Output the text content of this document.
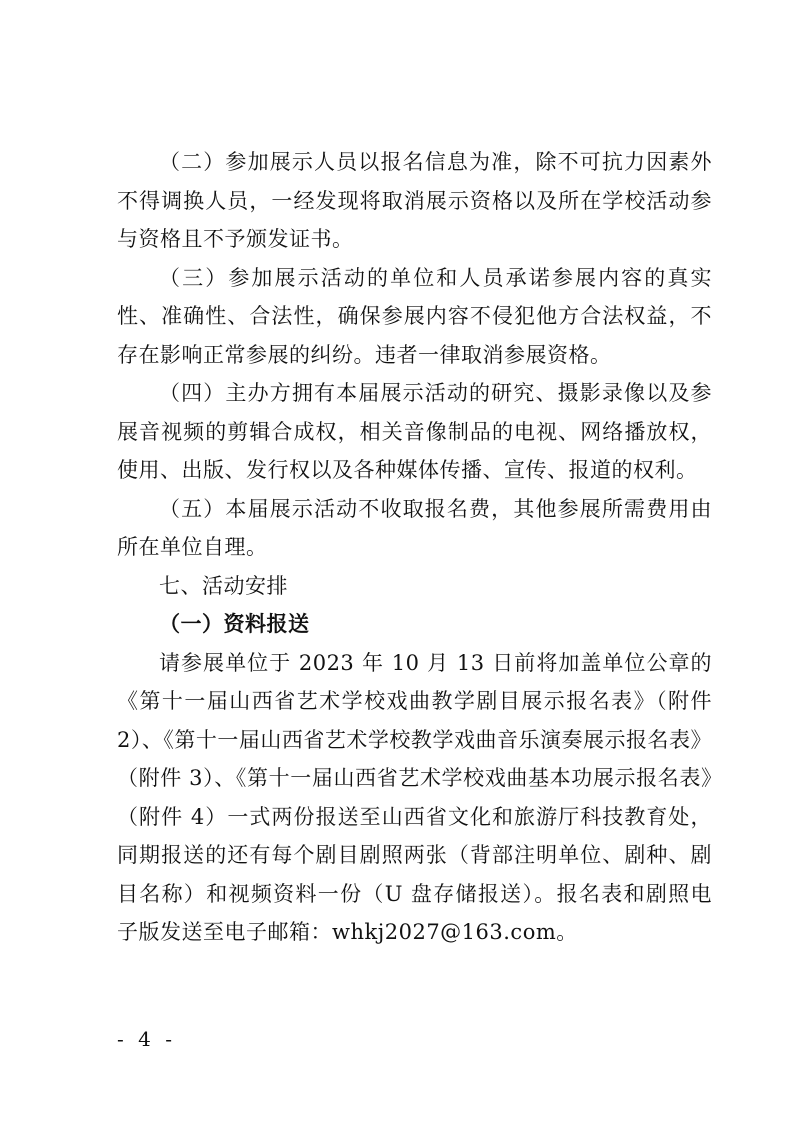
（二）参加展示人员以报名信息为准，除不可抗力因素外不得调换人员，一经发现将取消展示资格以及所在学校活动参与资格且不予颁发证书。

（三）参加展示活动的单位和人员承诺参展内容的真实性、准确性、合法性，确保参展内容不侵犯他方合法权益，不存在影响正常参展的纠纷。违者一律取消参展资格。

（四）主办方拥有本届展示活动的研究、摄影录像以及参展音视频的剪辑合成权，相关音像制品的电视、网络播放权，使用、出版、发行权以及各种媒体传播、宣传、报道的权利。

（五）本届展示活动不收取报名费，其他参展所需费用由所在单位自理。

七、活动安排

（一）资料报送

请参展单位于 2023 年 10 月 13 日前将加盖单位公章的《第十一届山西省艺术学校戏曲教学剧目展示报名表》（附件 2）、《第十一届山西省艺术学校教学戏曲音乐演奏展示报名表》（附件 3）、《第十一届山西省艺术学校戏曲基本功展示报名表》（附件 4）一式两份报送至山西省文化和旅游厅科技教育处，同期报送的还有每个剧目剧照两张（背部注明单位、剧种、剧目名称）和视频资料一份（U 盘存储报送）。报名表和剧照电子版发送至电子邮箱：whkj2027@163.com。

- 4 -
